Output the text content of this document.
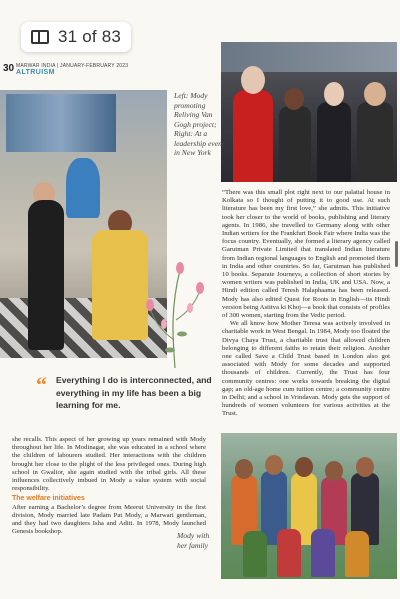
31 of 83
30 MARWAR INDIA | JANUARY-FEBRUARY 2023
ALTRUISM
Left: Mody promoting Reliving Van Gogh project; Right: At a leadership event in New York
Mody with her family
“	Everything I do is interconnected, and everything in my life has been a big learning for me.

“There was this small plot right next to our palatial house in Kolkata so I thought of putting it to good use. At such literature has been my first love,” she admits. This initiative took her closer to the world of books, publishing and literary agents. In 1986, she travelled to Germany along with other Indian writers for the Frankfurt Book Fair where India was the focus country. Eventually, she formed a literary agency called Garutman Private Limited that translated Indian literature from Indian regional languages to English and promoted them in India and other countries. So far, Garutman has published 10 books. Separate Journeys, a collection of short stories by women writers was published in India, UK and USA. Now, a Hindi edition called Teresh Halaphaama has been released. Mody has also edited Quest for Roots in English—its Hindi version being Astitva ki Khoj—a book that consists of profiles of 300 women, starting from the Vedic period.

We all know how Mother Teresa was actively involved in charitable work in West Bengal. In 1984, Mody too floated the Divya Chaya Trust, a charitable trust that allowed children belonging to different faiths to retain their religion. Another one called Save a Child Trust based in London also got associated with Mody for some decades and supported thousands of children. Currently, the Trust has four community centres: one works towards breaking the digital gap; an old-age home cum tuition centre; a community centre in Delhi; and a school in Vrindavan. Mody gets the support of hundreds of women volunteers for various activities at the Trust.

she recalls. This aspect of her growing up years remained with Mody throughout her life. In Modinagar, she was educated in a school where the children of labourers studied. Her interactions with the children brought her close to the plight of the less privileged ones. During high school in Gwalior, she again studied with the tribal girls. All these influences collectively imbued in Mody a value system with social responsibility.

The welfare initiatives

After earning a Bachelor’s degree from Meerut University in the first division, Mody married late Padam Pat Mody, a Marwari gentleman, and they had two daughters Isha and Aditi. In 1978, Mody launched Genesis bookshop.
